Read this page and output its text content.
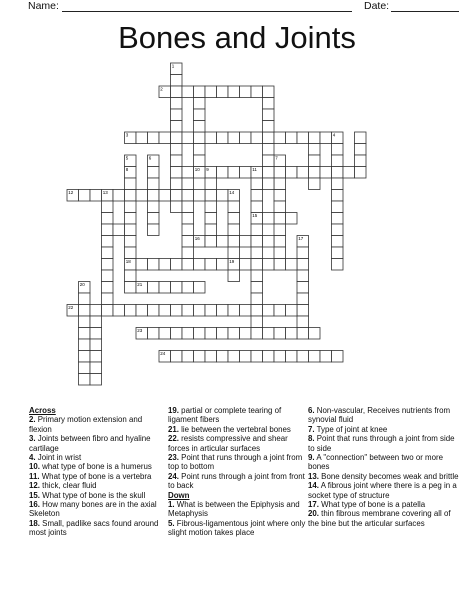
Name:	Date:
Bones and Joints
1
2
3	4
5	6	7
8	9
10	11
12	13	14
15
16	17
18	19
20	21
22
23
24
Across
2. Primary motion extension and flexion
3. Joints between fibro and hyaline cartilage
4. Joint in wrist
10. what type of bone is a humerus
11. What type of bone is a vertebra
12. thick, clear fluid
15. What type of bone is the skull
16. How many bones are in the axial Skeleton
18. Small, padlike sacs found around most joints
19. partial or complete tearing of ligament fibers
21. lie between the vertebral bones
22. resists compressive and shear forces in articular surfaces
23. Point that runs through a joint from top to bottom
24. Point runs through a joint from front to back
Down
1. What is between the Epiphysis and Metaphysis
5. Fibrous-ligamentous joint where only slight motion takes place
6. Non-vascular, Receives nutrients from synovial fluid
7. Type of joint at knee
8. Point that runs through a joint from side to side
9. A "connection" between two or more bones
13. Bone density becomes weak and brittle
14. A fibrous joint where there is a peg in a socket type of structure
17. What type of bone is a patella
20. thin fibrous membrane covering all of the bine but the articular surfaces
